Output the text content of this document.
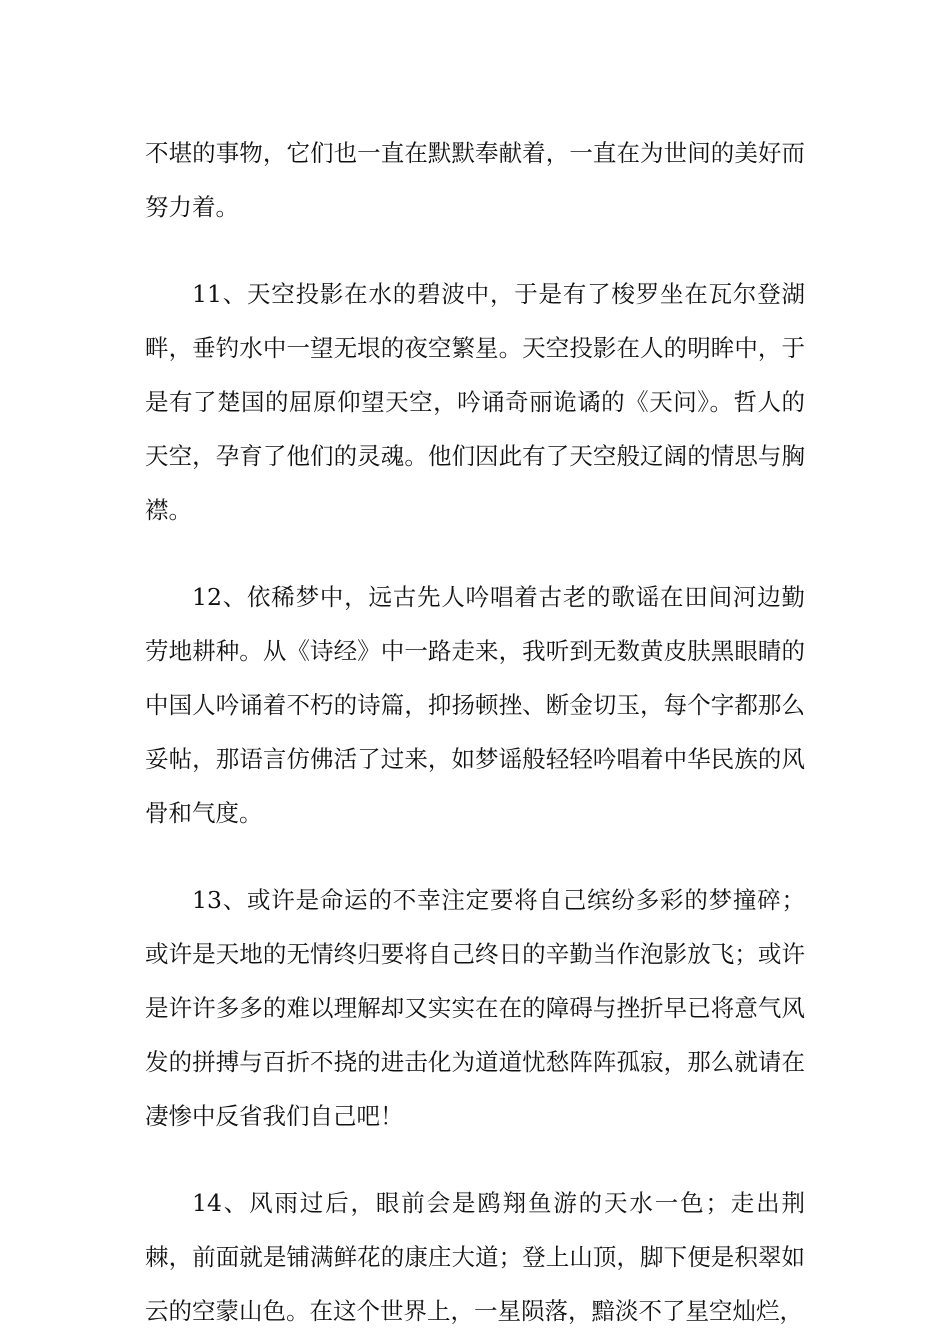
不堪的事物，它们也一直在默默奉献着，一直在为世间的美好而努力着。

11、天空投影在水的碧波中，于是有了梭罗坐在瓦尔登湖畔，垂钓水中一望无垠的夜空繁星。天空投影在人的明眸中，于是有了楚国的屈原仰望天空，吟诵奇丽诡谲的《天问》。哲人的天空，孕育了他们的灵魂。他们因此有了天空般辽阔的情思与胸襟。

12、依稀梦中，远古先人吟唱着古老的歌谣在田间河边勤劳地耕种。从《诗经》中一路走来，我听到无数黄皮肤黑眼睛的中国人吟诵着不朽的诗篇，抑扬顿挫、断金切玉，每个字都那么妥帖，那语言仿佛活了过来，如梦谣般轻轻吟唱着中华民族的风骨和气度。

13、或许是命运的不幸注定要将自己缤纷多彩的梦撞碎；或许是天地的无情终归要将自己终日的辛勤当作泡影放飞；或许是许许多多的难以理解却又实实在在的障碍与挫折早已将意气风发的拼搏与百折不挠的进击化为道道忧愁阵阵孤寂，那么就请在凄惨中反省我们自己吧！

14、风雨过后，眼前会是鸥翔鱼游的天水一色；走出荆棘，前面就是铺满鲜花的康庄大道；登上山顶，脚下便是积翠如云的空蒙山色。在这个世界上，一星陨落，黯淡不了星空灿烂，
